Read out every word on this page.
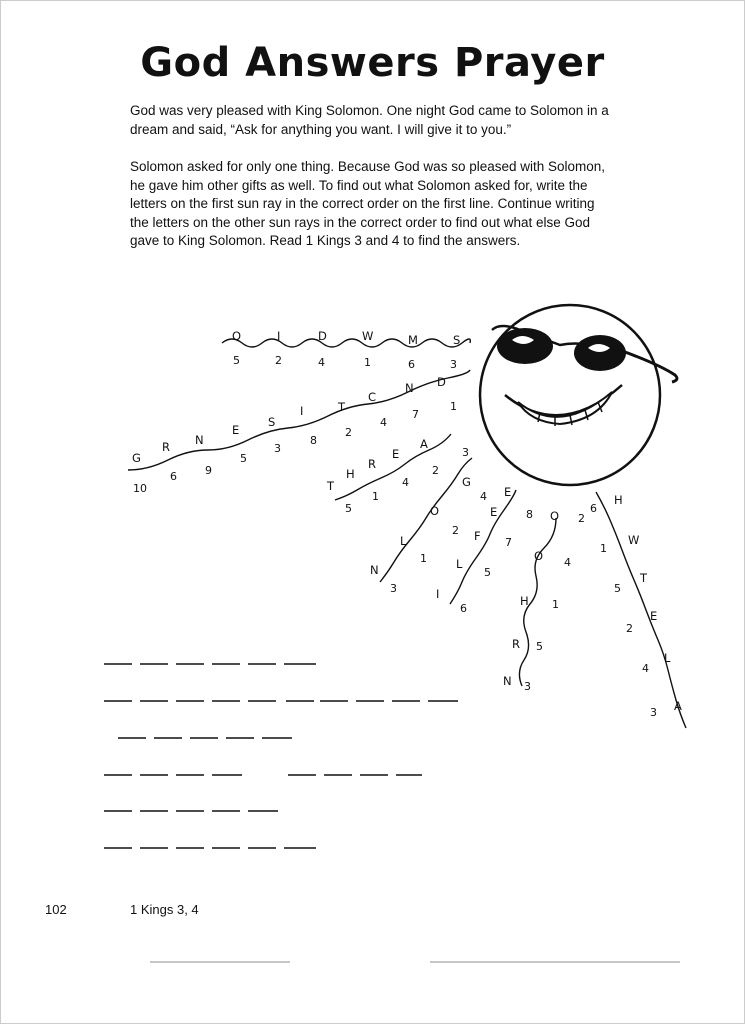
God Answers Prayer
God was very pleased with King Solomon. One night God came to Solomon in a dream and said, “Ask for anything you want. I will give it to you.”
Solomon asked for only one thing. Because God was so pleased with Solomon, he gave him other gifts as well. To find out what Solomon asked for, write the letters on the first sun ray in the correct order on the first line. Continue writing the letters on the other sun rays in the correct order to find out what else God gave to King Solomon. Read 1 Kings 3 and 4 to find the answers.
O	I	D	W	M	S
5	2	4	1	6	3
G
R N
E
S
I	T
C
N D
10
6	9
5
3
8
2
4
7
1
T
H
R
E
A
5
1
4
2
3
N
L
O
G
3
1
2
4
I
L
F
E
E
6
5
7
8
N
R
H
O
O
3
5
1
4
2
A
L
E
T
W
H
3
4
2
5
1
6
102	1 Kings 3, 4
